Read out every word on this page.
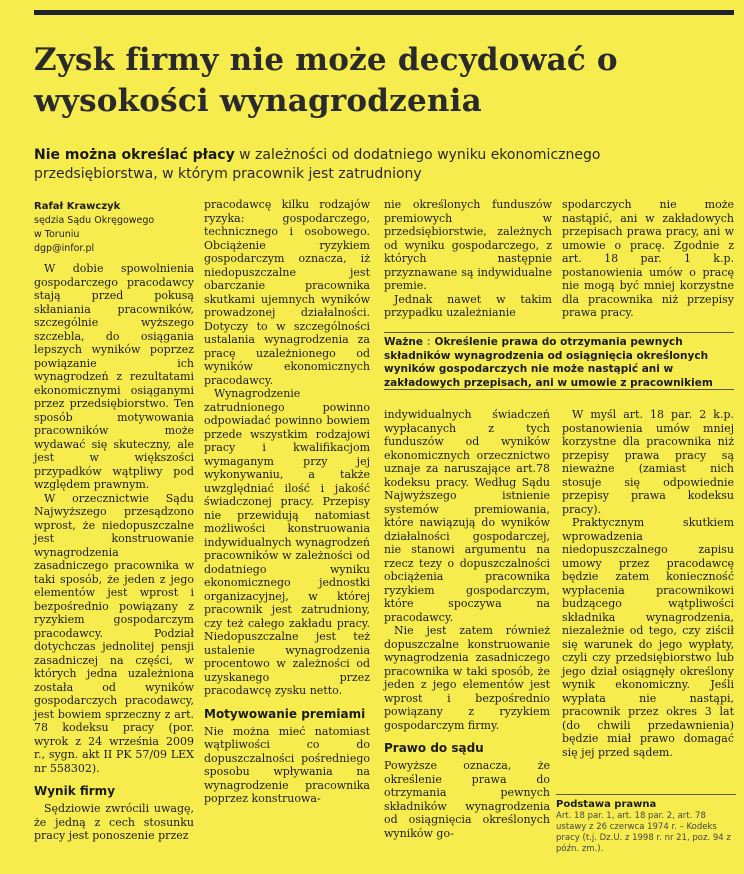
Zysk firmy nie może decydować o wysokości wynagrodzenia
Nie można określać płacy w zależności od dodatniego wyniku ekonomicznego przedsiębiorstwa, w którym pracownik jest zatrudniony
Rafał Krawczyk
sędzia Sądu Okręgowego
w Toruniu
dgp@infor.pl

W dobie spowolnienia gospodarczego pracodawcy stają przed pokusą skłaniania pracowników, szczególnie wyższego szczebla, do osiągania lepszych wyników poprzez powiązanie ich wynagrodzeń z rezultatami ekonomicznymi osiąganymi przez przedsiębiorstwo. Ten sposób motywowania pracowników może wydawać się skuteczny, ale jest w większości przypadków wątpliwy pod względem prawnym.

W orzecznictwie Sądu Najwyższego przesądzono wprost, że niedopuszczalne jest konstruowanie wynagrodzenia zasadniczego pracownika w taki sposób, że jeden z jego elementów jest wprost i bezpośrednio powiązany z ryzykiem gospodarczym pracodawcy. Podział dotychczas jednolitej pensji zasadniczej na części, w których jedna uzależniona została od wyników gospodarczych pracodawcy, jest bowiem sprzeczny z art. 78 kodeksu pracy (por. wyrok z 24 września 2009 r., sygn. akt II PK 57/09 LEX nr 558302).

Wynik firmy

Sędziowie zwrócili uwagę, że jedną z cech stosunku pracy jest ponoszenie przez

pracodawcę kilku rodzajów ryzyka: gospodarczego, technicznego i osobowego. Obciążenie ryzykiem gospodarczym oznacza, iż niedopuszczalne jest obarczanie pracownika skutkami ujemnych wyników prowadzonej działalności. Dotyczy to w szczególności ustalania wynagrodzenia za pracę uzależnionego od wyników ekonomicznych pracodawcy.

Wynagrodzenie zatrudnionego powinno odpowiadać powinno bowiem przede wszystkim rodzajowi pracy i kwalifikacjom wymaganym przy jej wykonywaniu, a także uwzględniać ilość i jakość świadczonej pracy. Przepisy nie przewidują natomiast możliwości konstruowania indywidualnych wynagrodzeń pracowników w zależności od dodatniego wyniku ekonomicznego jednostki organizacyjnej, w której pracownik jest zatrudniony, czy też całego zakładu pracy. Niedopuszczalne jest też ustalenie wynagrodzenia procentowo w zależności od uzyskanego przez pracodawcę zysku netto.

Motywowanie premiami

Nie można mieć natomiast wątpliwości co do dopuszczalności pośredniego sposobu wpływania na wynagrodzenie pracownika poprzez konstruowa-

nie określonych funduszów premiowych w przedsiębiorstwie, zależnych od wyniku gospodarczego, z których następnie przyznawane są indywidualne premie.

Jednak nawet w takim przypadku uzależnianie

spodarczych nie może nastąpić, ani w zakładowych przepisach prawa pracy, ani w umowie o pracę. Zgodnie z art. 18 par. 1 k.p. postanowienia umów o pracę nie mogą być mniej korzystne dla pracownika niż przepisy prawa pracy.

Ważne : Określenie prawa do otrzymania pewnych składników wynagrodzenia od osiągnięcia określonych wyników gospodarczych nie może nastąpić ani w zakładowych przepisach, ani w umowie z pracownikiem

indywidualnych świadczeń wypłacanych z tych funduszów od wyników ekonomicznych orzecznictwo uznaje za naruszające art.78 kodeksu pracy. Według Sądu Najwyższego istnienie systemów premiowania, które nawiązują do wyników działalności gospodarczej, nie stanowi argumentu na rzecz tezy o dopuszczalności obciążenia pracownika ryzykiem gospodarczym, które spoczywa na pracodawcy.

Nie jest zatem również dopuszczalne konstruowanie wynagrodzenia zasadniczego pracownika w taki sposób, że jeden z jego elementów jest wprost i bezpośrednio powiązany z ryzykiem gospodarczym firmy.

Prawo do sądu

Powyższe oznacza, że określenie prawa do otrzymania pewnych składników wynagrodzenia od osiągnięcia określonych wyników go-

W myśl art. 18 par. 2 k.p. postanowienia umów mniej korzystne dla pracownika niż przepisy prawa pracy są nieważne (zamiast nich stosuje się odpowiednie przepisy prawa kodeksu pracy).

Praktycznym skutkiem wprowadzenia niedopuszczalnego zapisu umowy przez pracodawcę będzie zatem konieczność wypłacenia pracownikowi budzącego wątpliwości składnika wynagrodzenia, niezależnie od tego, czy ziścił się warunek do jego wypłaty, czyli czy przedsiębiorstwo lub jego dział osiągnęły określony wynik ekonomiczny. Jeśli wypłata nie nastąpi, pracownik przez okres 3 lat (do chwili przedawnienia) będzie miał prawo domagać się jej przed sądem.

Podstawa prawna
Art. 18 par. 1, art. 18 par. 2, art. 78 ustawy z 26 czerwca 1974 r. – Kodeks pracy (t.j. Dz.U. z 1998 r. nr 21, poz. 94 z późn. zm.).
